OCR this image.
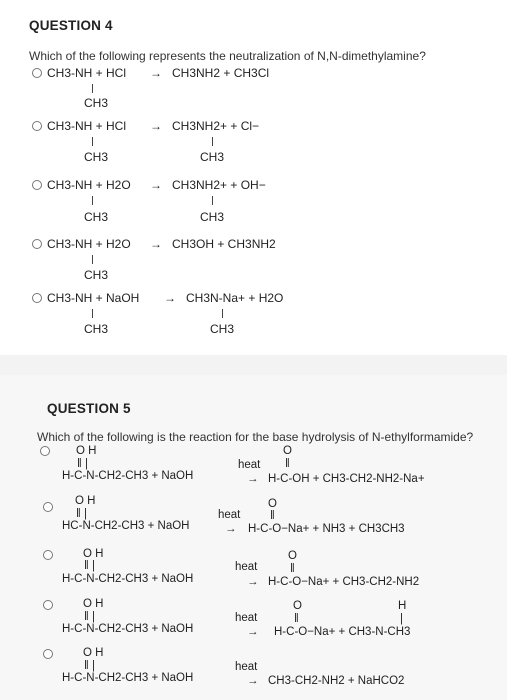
QUESTION 4
Which of the following represents the neutralization of N,N-dimethylamine?
CH3-NH + HCl → CH3NH2 + CH3Cl
CH3
CH3-NH + HCl → CH3NH2+ + Cl−
CH3	CH3
CH3-NH + H2O → CH3NH2+ + OH−
CH3	CH3
CH3-NH + H2O → CH3OH + CH3NH2
CH3
CH3-NH + NaOH → CH3N-Na+ + H2O
CH3	CH3
QUESTION 5
Which of the following is the reaction for the base hydrolysis of N-ethylformamide?
O H
‖ |
H-C-N-CH2-CH3 + NaOH
heat
→
O
‖
H-C-OH + CH3-CH2-NH2-Na+
O H
‖ |
HC-N-CH2-CH3 + NaOH
heat
→
O
‖
H-C-O−Na+ + NH3 + CH3CH3
O H
‖ |
H-C-N-CH2-CH3 + NaOH
heat
→
O
‖
H-C-O−Na+ + CH3-CH2-NH2
O H
‖ |
H-C-N-CH2-CH3 + NaOH
heat
→
O
‖
H
|
H-C-O−Na+ + CH3-N-CH3
O H
‖ |
H-C-N-CH2-CH3 + NaOH
heat
→ CH3-CH2-NH2 + NaHCO2
